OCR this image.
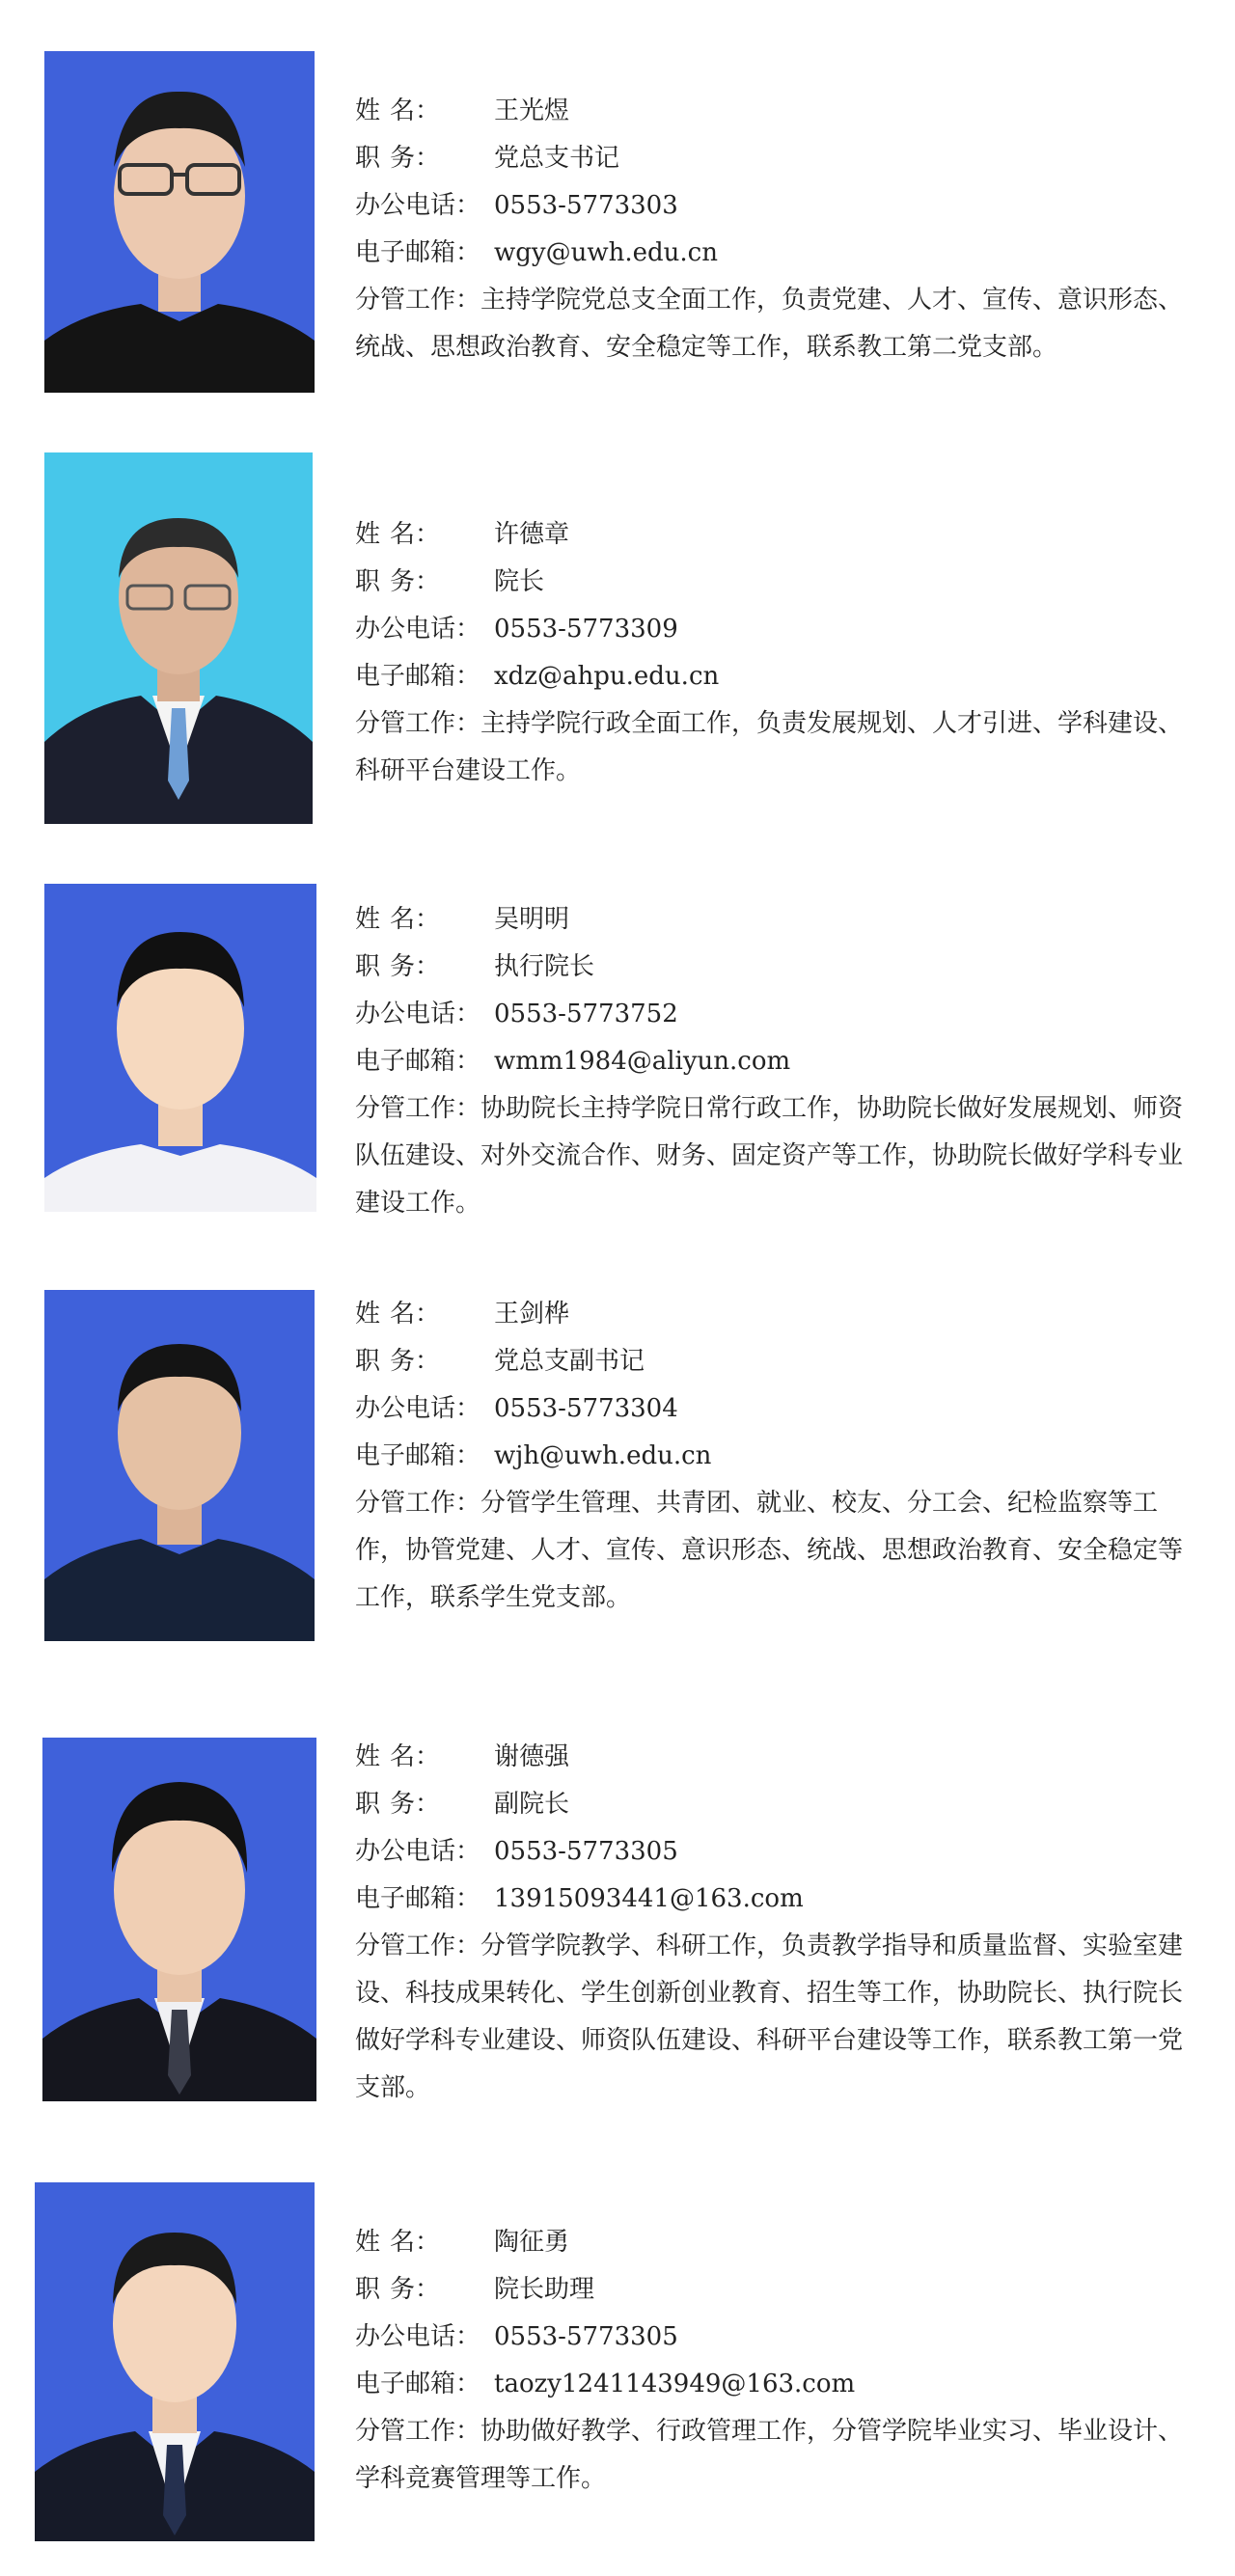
姓 名： 王光煜
职 务： 党总支书记
办公电话： 0553-5773303
电子邮箱： wgy@uwh.edu.cn
分管工作：主持学院党总支全面工作，负责党建、人才、宣传、意识形态、统战、思想政治教育、安全稳定等工作，联系教工第二党支部。
姓 名： 许德章
职 务： 院长
办公电话： 0553-5773309
电子邮箱： xdz@ahpu.edu.cn
分管工作：主持学院行政全面工作，负责发展规划、人才引进、学科建设、科研平台建设工作。
姓 名： 吴明明
职 务： 执行院长
办公电话： 0553-5773752
电子邮箱： wmm1984@aliyun.com
分管工作：协助院长主持学院日常行政工作，协助院长做好发展规划、师资队伍建设、对外交流合作、财务、固定资产等工作，协助院长做好学科专业建设工作。
姓 名： 王剑桦
职 务： 党总支副书记
办公电话： 0553-5773304
电子邮箱： wjh@uwh.edu.cn
分管工作：分管学生管理、共青团、就业、校友、分工会、纪检监察等工作，协管党建、人才、宣传、意识形态、统战、思想政治教育、安全稳定等工作，联系学生党支部。
姓 名： 谢德强
职 务： 副院长
办公电话： 0553-5773305
电子邮箱： 13915093441@163.com
分管工作：分管学院教学、科研工作，负责教学指导和质量监督、实验室建设、科技成果转化、学生创新创业教育、招生等工作，协助院长、执行院长做好学科专业建设、师资队伍建设、科研平台建设等工作，联系教工第一党支部。
姓 名： 陶征勇
职 务： 院长助理
办公电话： 0553-5773305
电子邮箱： taozy1241143949@163.com
分管工作：协助做好教学、行政管理工作，分管学院毕业实习、毕业设计、学科竞赛管理等工作。
